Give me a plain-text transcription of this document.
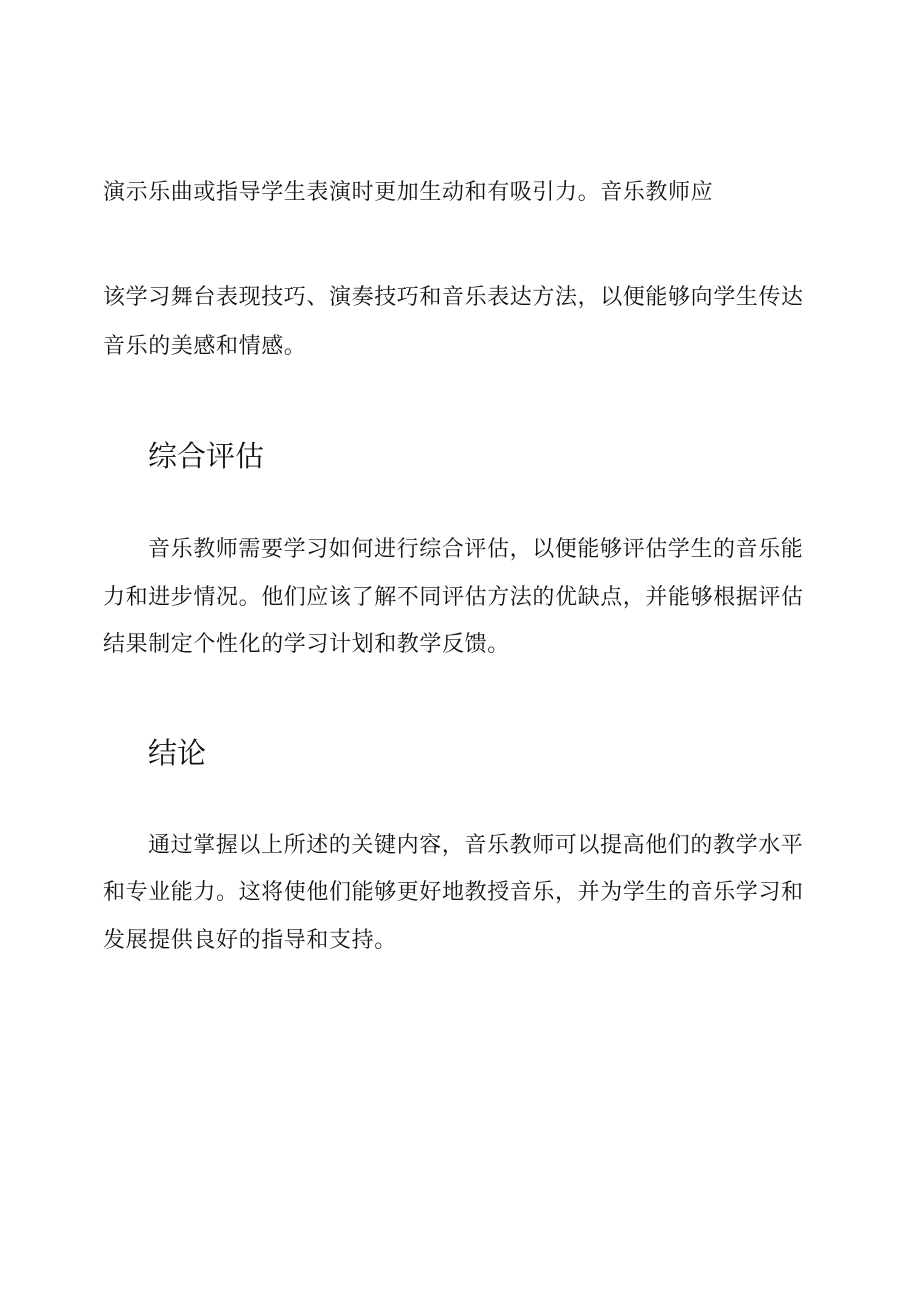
演示乐曲或指导学生表演时更加生动和有吸引力。音乐教师应

该学习舞台表现技巧、演奏技巧和音乐表达方法，以便能够向学生传达

音乐的美感和情感。

综合评估

音乐教师需要学习如何进行综合评估，以便能够评估学生的音乐能

力和进步情况。他们应该了解不同评估方法的优缺点，并能够根据评估

结果制定个性化的学习计划和教学反馈。

结论

通过掌握以上所述的关键内容，音乐教师可以提高他们的教学水平

和专业能力。这将使他们能够更好地教授音乐，并为学生的音乐学习和

发展提供良好的指导和支持。
